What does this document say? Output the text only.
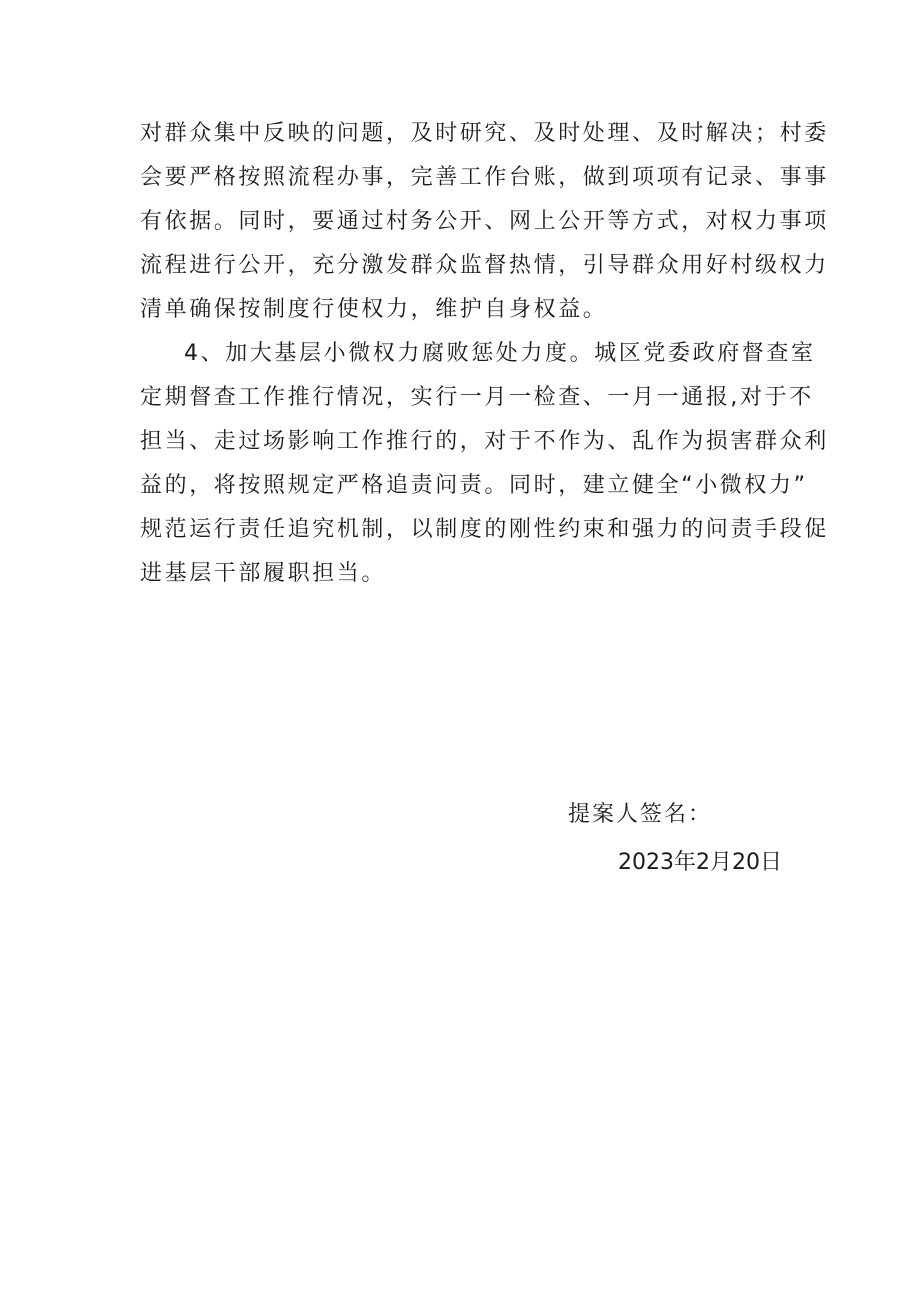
对群众集中反映的问题，及时研究、及时处理、及时解决；村委
会要严格按照流程办事，完善工作台账，做到项项有记录、事事
有依据。同时，要通过村务公开、网上公开等方式，对权力事项
流程进行公开，充分激发群众监督热情，引导群众用好村级权力
清单确保按制度行使权力，维护自身权益。
4、加大基层小微权力腐败惩处力度。城区党委政府督查室
定期督查工作推行情况，实行一月一检查、一月一通报,对于不
担当、走过场影响工作推行的，对于不作为、乱作为损害群众利
益的，将按照规定严格追责问责。同时，建立健全“小微权力”
规范运行责任追究机制，以制度的刚性约束和强力的问责手段促
进基层干部履职担当。
提案人签名：
2023年2月20日
